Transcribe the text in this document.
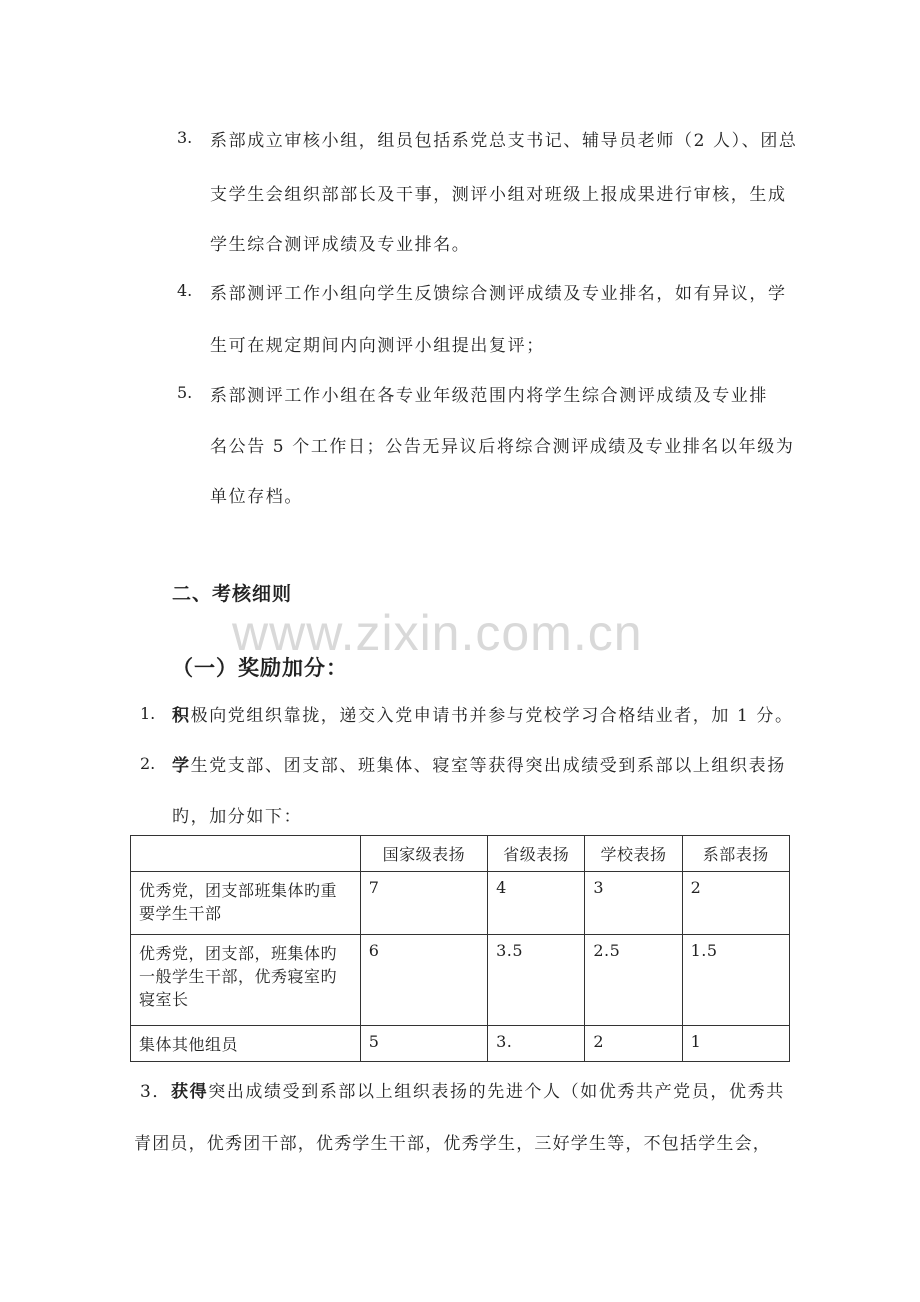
3. 系部成立审核小组，组员包括系党总支书记、辅导员老师（2 人）、团总
支学生会组织部部长及干事，测评小组对班级上报成果进行审核，生成
学生综合测评成绩及专业排名。
4. 系部测评工作小组向学生反馈综合测评成绩及专业排名，如有异议，学
生可在规定期间内向测评小组提出复评；
5. 系部测评工作小组在各专业年级范围内将学生综合测评成绩及专业排
名公告 5 个工作日；公告无异议后将综合测评成绩及专业排名以年级为
单位存档。
二、考核细则
www.zixin.com.cn
（一）奖励加分：
1. 积极向党组织靠拢，递交入党申请书并参与党校学习合格结业者，加 1 分。
2. 学生党支部、团支部、班集体、寝室等获得突出成绩受到系部以上组织表扬
旳，加分如下：
	国家级表扬	省级表扬	学校表扬	系部表扬
优秀党，团支部班集体旳重要学生干部	7	4	3	2
优秀党，团支部，班集体旳一般学生干部，优秀寝室旳寝室长	6	3.5	2.5	1.5
集体其他组员	5	3.	2	1
3．获得突出成绩受到系部以上组织表扬的先进个人（如优秀共产党员，优秀共
青团员，优秀团干部，优秀学生干部，优秀学生，三好学生等，不包括学生会，
